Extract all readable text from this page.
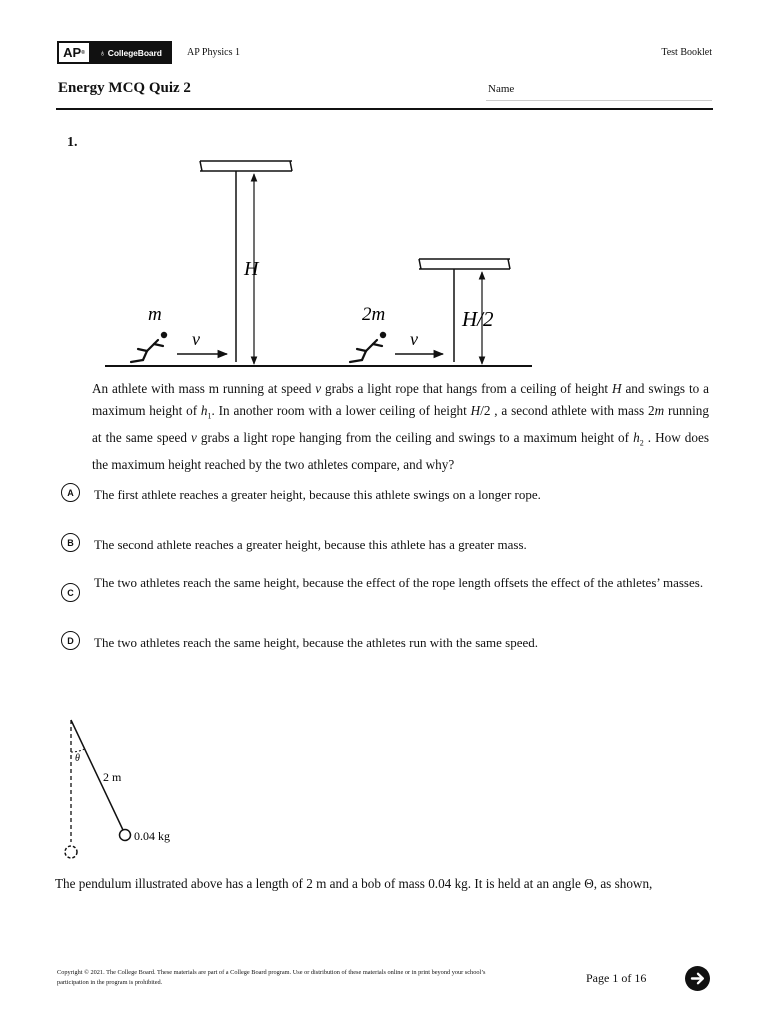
AP ® ♁ CollegeBoard	AP Physics 1	Test Booklet
Energy MCQ Quiz 2	Name
1.
H
m
v
H/2
2m
v
An athlete with mass m running at speed v grabs a light rope that hangs from a ceiling of height H and swings to a maximum height of $h_1$. In another room with a lower ceiling of height H/2 , a second athlete with mass 2m running at the same speed v grabs a light rope hanging from the ceiling and swings to a maximum height of $h_2$ . How does the maximum height reached by the two athletes compare, and why?
A	The first athlete reaches a greater height, because this athlete swings on a longer rope.
B	The second athlete reaches a greater height, because this athlete has a greater mass.
C
The two athletes reach the same height, because the effect of the rope length offsets the effect of the athletes’ masses.
D	The two athletes reach the same height, because the athletes run with the same speed.
θ
2 m
0.04 kg
The pendulum illustrated above has a length of 2 m and a bob of mass 0.04 kg. It is held at an angle Θ, as shown,
Copyright © 2021. The College Board. These materials are part of a College Board program. Use or distribution of these materials online or in print beyond your school’s participation in the program is prohibited.	Page 1 of 16
